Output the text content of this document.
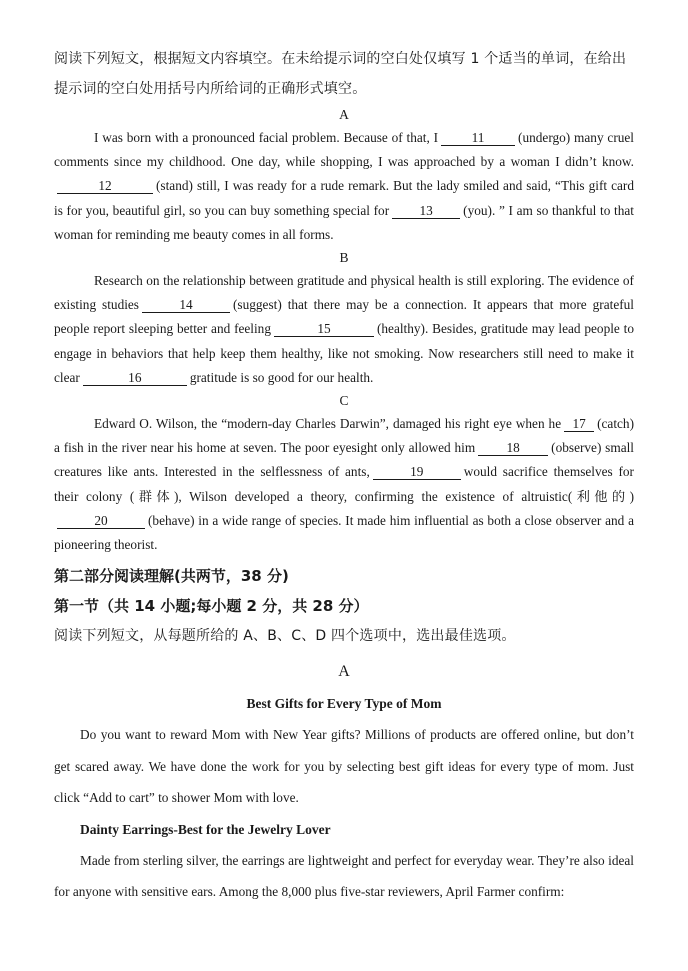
阅读下列短文，根据短文内容填空。在未给提示词的空白处仅填写 1 个适当的单词，在给出提示词的空白处用括号内所给词的正确形式填空。

A

I was born with a pronounced facial problem. Because of that, I	11	(undergo) many cruel comments since my childhood. One day, while shopping, I was approached by a woman I didn’t know.12	(stand) still, I was ready for a rude remark. But the lady smiled and said, “This gift card is for you, beautiful girl, so you can buy something special for 13 (you). ” I am so thankful to that woman for reminding me beauty comes in all forms.

B

Research on the relationship between gratitude and physical health is still exploring. The evidence of existing studies	14	(suggest) that there may be a connection. It appears that more grateful people report sleeping better and feeling	15	(healthy). Besides, gratitude may lead people to engage in behaviors that help keep them healthy, like not smoking. Now researchers still need to make it clear	16	gratitude is so good for our health.

C

Edward O. Wilson, the “modern-day Charles Darwin”, damaged his right eye when he 17 (catch) a fish in the river near his home at seven. The poor eyesight only allowed him 18 (observe) small creatures like ants. Interested in the selflessness of ants,	19	would sacrifice themselves for their colony (群体), Wilson developed a theory, confirming the existence of altruistic(利他的)20	(behave) in a wide range of species. It made him influential as both a close observer and a pioneering theorist.

第二部分阅读理解(共两节，38 分)

第一节（共 14 小题;每小题 2 分，共 28 分）

阅读下列短文，从每题所给的 A、B、C、D 四个选项中，选出最佳选项。

A

Best Gifts for Every Type of Mom

Do you want to reward Mom with New Year gifts? Millions of products are offered online, but don’t get scared away. We have done the work for you by selecting best gift ideas for every type of mom. Just click “Add to cart” to shower Mom with love.

Dainty Earrings-Best for the Jewelry Lover

Made from sterling silver, the earrings are lightweight and perfect for everyday wear. They’re also ideal for anyone with sensitive ears. Among the 8,000 plus five-star reviewers, April Farmer confirm:
